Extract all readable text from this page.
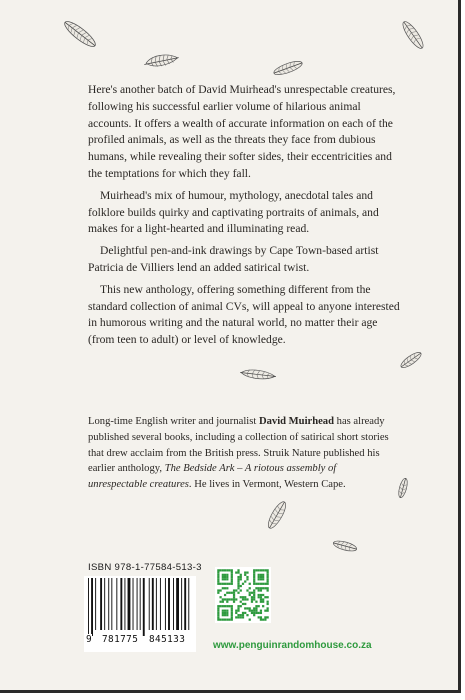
Here's another batch of David Muirhead's unrespectable creatures, following his successful earlier volume of hilarious animal accounts. It offers a wealth of accurate information on each of the profiled animals, as well as the threats they face from dubious humans, while revealing their softer sides, their eccentricities and the temptations for which they fall.

Muirhead's mix of humour, mythology, anecdotal tales and folklore builds quirky and captivating portraits of animals, and makes for a light-hearted and illuminating read.

Delightful pen-and-ink drawings by Cape Town-based artist Patricia de Villiers lend an added satirical twist.

This new anthology, offering something different from the standard collection of animal CVs, will appeal to anyone interested in humorous writing and the natural world, no matter their age (from teen to adult) or level of knowledge.

Long-time English writer and journalist David Muirhead has already published several books, including a collection of satirical short stories that drew acclaim from the British press. Struik Nature published his earlier anthology, The Bedside Ark – A riotous assembly of unrespectable creatures. He lives in Vermont, Western Cape.
ISBN 978-1-77584-513-3
9 781775 845133
www.penguinrandomhouse.co.za
